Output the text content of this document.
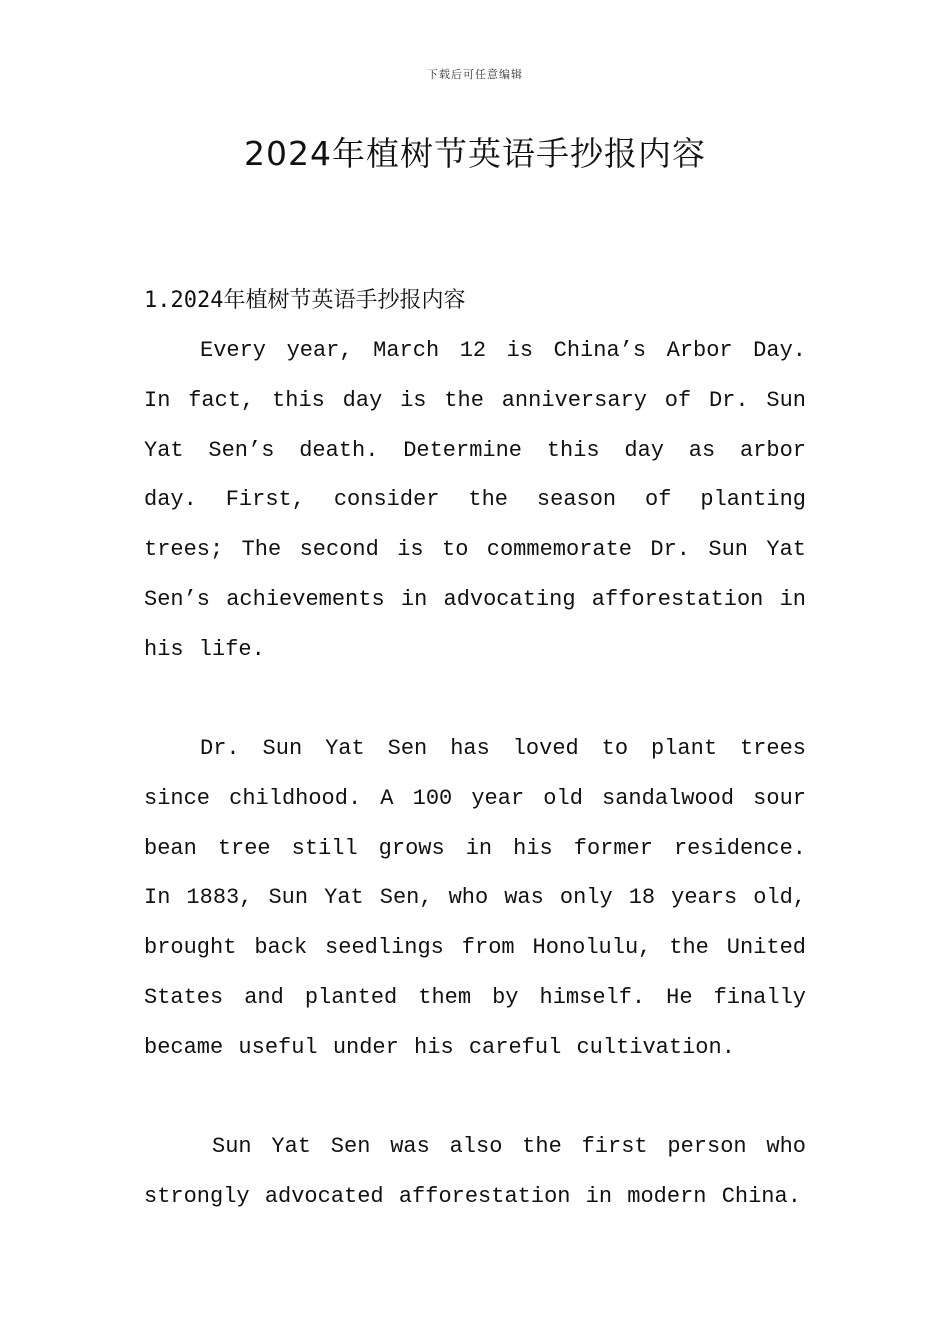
下载后可任意编辑
2024年植树节英语手抄报内容
1.2024年植树节英语手抄报内容

Every year, March 12 is China’s Arbor Day. In fact, this day is the anniversary of Dr. Sun Yat Sen’s death. Determine this day as arbor day. First, consider the season of planting trees; The second is to commemorate Dr. Sun Yat Sen’s achievements in advocating afforestation in his life.

Dr. Sun Yat Sen has loved to plant trees since childhood. A 100 year old sandalwood sour bean tree still grows in his former residence. In 1883, Sun Yat Sen, who was only 18 years old, brought back seedlings from Honolulu, the United States and planted them by himself. He finally became useful under his careful cultivation.

Sun Yat Sen was also the first person who strongly advocated afforestation in modern China.
